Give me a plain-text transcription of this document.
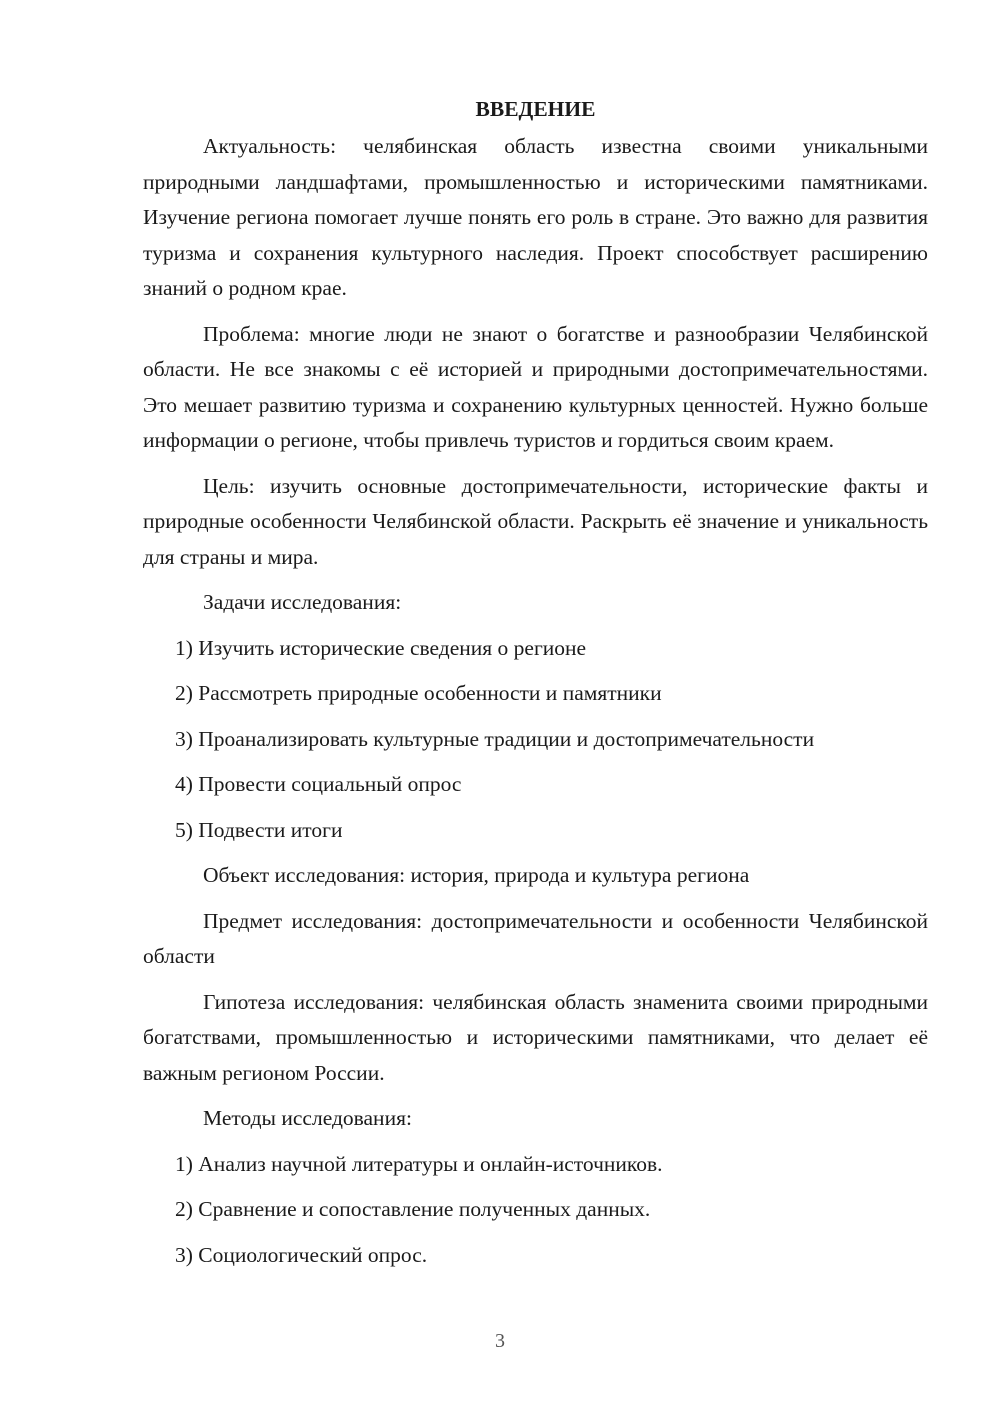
ВВЕДЕНИЕ

Актуальность: челябинская область известна своими уникальными природными ландшафтами, промышленностью и историческими памятниками. Изучение региона помогает лучше понять его роль в стране. Это важно для развития туризма и сохранения культурного наследия. Проект способствует расширению знаний о родном крае.

Проблема: многие люди не знают о богатстве и разнообразии Челябинской области. Не все знакомы с её историей и природными достопримечательностями. Это мешает развитию туризма и сохранению культурных ценностей. Нужно больше информации о регионе, чтобы привлечь туристов и гордиться своим краем.

Цель: изучить основные достопримечательности, исторические факты и природные особенности Челябинской области. Раскрыть её значение и уникальность для страны и мира.

Задачи исследования:

1) Изучить исторические сведения о регионе
2) Рассмотреть природные особенности и памятники
3) Проанализировать культурные традиции и достопримечательности
4) Провести социальный опрос
5) Подвести итоги

Объект исследования: история, природа и культура региона

Предмет исследования: достопримечательности и особенности Челябинской области

Гипотеза исследования: челябинская область знаменита своими природными богатствами, промышленностью и историческими памятниками, что делает её важным регионом России.

Методы исследования:

1) Анализ научной литературы и онлайн-источников.
2) Сравнение и сопоставление полученных данных.
3) Социологический опрос.
3
